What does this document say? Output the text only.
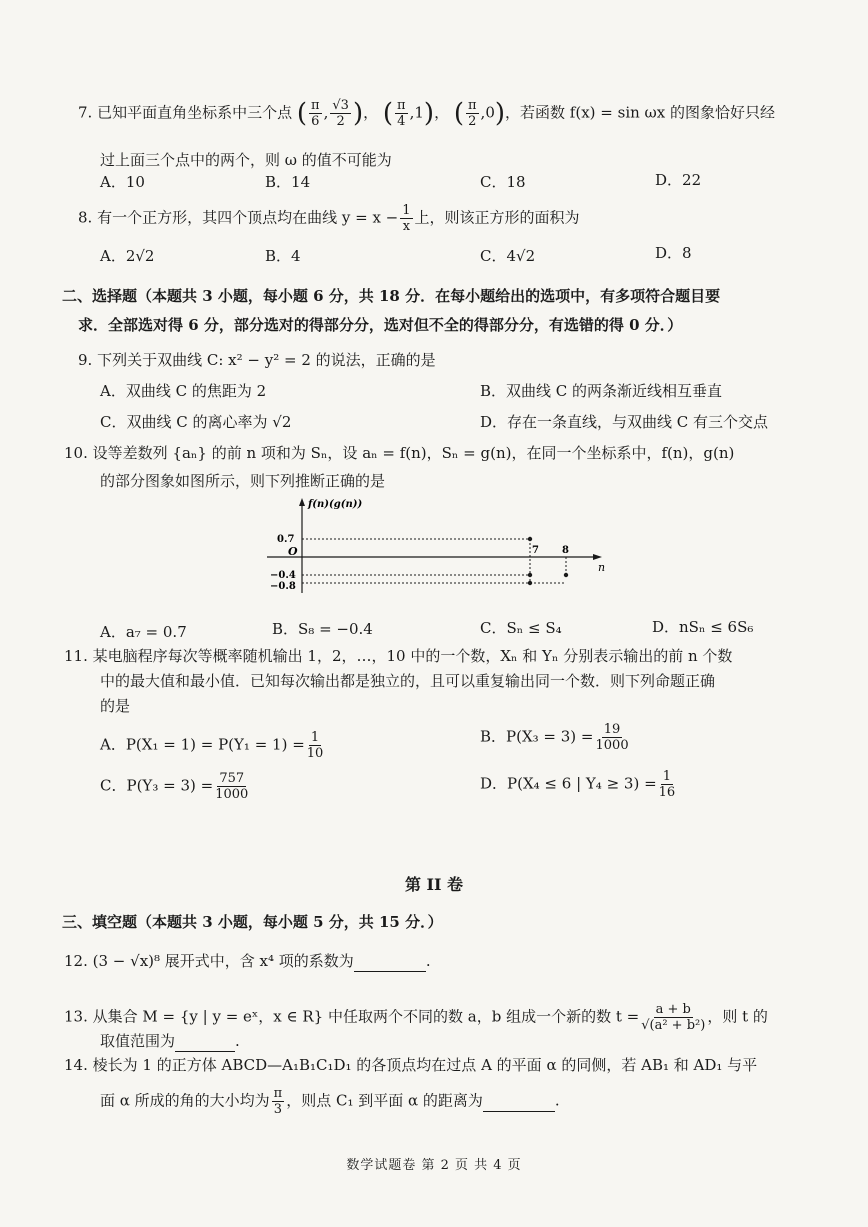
7. 已知平面直角坐标系中三个点 ( $\frac{\pi}{6}$ , $\frac{√3}{2}$ )， ( $\frac{\pi}{4} ,1$)， ( $\frac{\pi}{2} ,0$)，若函数 f(x) = sin ωx 的图象恰好只经
过上面三个点中的两个，则 ω 的值不可能为
A．10	B．14	C．18	D．22
8. 有一个正方形，其四个顶点均在曲线 $y = x - \frac{1}{x}$ 上，则该正方形的面积为
A．2√2	B．4	C．4√2	D．8
二、选择题（本题共 3 小题，每小题 6 分，共 18 分．在每小题给出的选项中，有多项符合题目要
求．全部选对得 6 分，部分选对的得部分分，选对但不全的得部分分，有选错的得 0 分．）
9. 下列关于双曲线 C: x² − y² = 2 的说法，正确的是
A．双曲线 C 的焦距为 2	B．双曲线 C 的两条渐近线相互垂直
C．双曲线 C 的离心率为 √2	D．存在一条直线，与双曲线 C 有三个交点
10. 设等差数列 {aₙ} 的前 n 项和为 Sₙ，设 aₙ = f(n)，Sₙ = g(n)，在同一个坐标系中，f(n)，g(n)
的部分图象如图所示，则下列推断正确的是
f(n)(g(n))
n
O
0.7
−0.4
−0.8
7 8
A．a₇ = 0.7	B．S₈ = −0.4	C．Sₙ ≤ S₄	D．nSₙ ≤ 6S₆
11. 某电脑程序每次等概率随机输出 1，2，…，10 中的一个数，Xₙ 和 Yₙ 分别表示输出的前 n 个数
中的最大值和最小值．已知每次输出都是独立的，且可以重复输出同一个数．则下列命题正确
的是
A．$P(X_1 = 1) = P(Y_1 = 1) = \frac{1}{10}$	B．$P(X_3 = 3) = \frac{19}{1000}$
C．$P(Y_3 = 3) = \frac{757}{1000}$	D．P(X₄ ≤ 6 | $Y_4 \ge 3) = \frac{1}{16}$
第 II 卷
三、填空题（本题共 3 小题，每小题 5 分，共 15 分．）
12. (3 − √x)⁸ 展开式中，含 x⁴ 项的系数为	.
13. 从集合 M = {y | y = eˣ，x ∈ R} 中任取两个不同的数 a，b 组成一个新的数 $t = \frac{a + b}{\text{√(a² + b²)}}$ ，则 t 的
取值范围为	.
14. 棱长为 1 的正方体 ABCD—A₁B₁C₁D₁ 的各顶点均在过点 A 的平面 α 的同侧，若 AB₁ 和 AD₁ 与平
面 α 所成的角的大小均为 $\frac{\pi}{3}$ ，则点 C₁ 到平面 α 的距离为	.
数学试题卷 第 2 页 共 4 页
